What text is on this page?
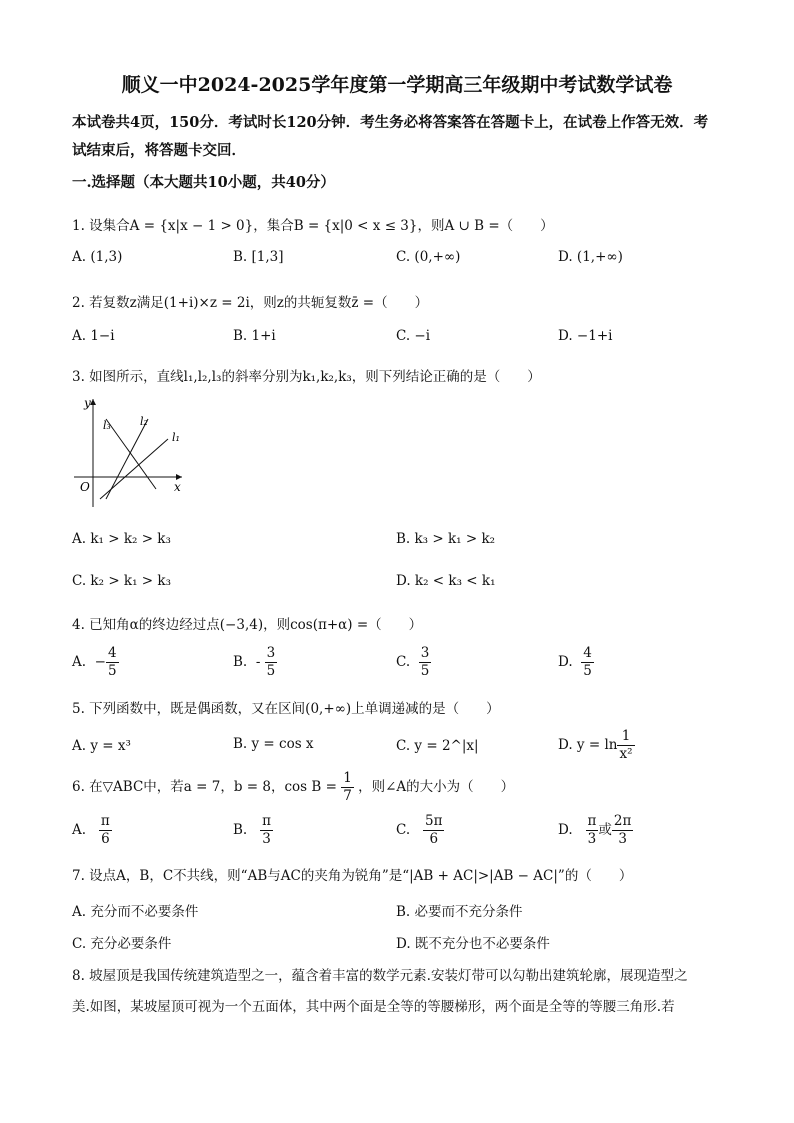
顺义一中2024-2025学年度第一学期高三年级期中考试数学试卷
本试卷共4页，150分．考试时长120分钟．考生务必将答案答在答题卡上，在试卷上作答无效．考试结束后，将答题卡交回．
一.选择题（本大题共10小题，共40分）
1. 设集合A = {x|x − 1 > 0}，集合B = {x|0 < x ≤ 3}，则A ∪ B =（　　）
A. (1,3)	B. [1,3]	C. (0,+∞)	D. (1,+∞)
2. 若复数z满足(1+i)×z = 2i，则z的共轭复数z̄ =（　　）
A. 1−i	B. 1+i	C. −i	D. −1+i
3. 如图所示，直线l₁,l₂,l₃的斜率分别为k₁,k₂,k₃，则下列结论正确的是（　　）
y
x
O
l₃	l₂
l₁
A. k₁ > k₂ > k₃	B. k₃ > k₁ > k₂
C. k₂ > k₁ > k₃	D. k₂ < k₃ < k₁
4. 已知角α的终边经过点(−3,4)，则cos(π+α) =（　　）
A. − $\frac{4}{5}$	B. - $\frac{3}{5}$	C. $\frac{3}{5}$	D. $\frac{4}{5}$
5. 下列函数中，既是偶函数，又在区间(0,+∞)上单调递减的是（　　）
A. y = x³	B. y = cos x	C. y = 2^|x|	D. $y = \ln \frac{1}{\text{x²}}$
6. 在▽ABC中，若a = 7，b = 8，$\cos B = \frac{1}{7}$ ，则∠A的大小为（　　）
A. $\frac{\pi}{6}$	B. $\frac{\pi}{3}$	C. $\frac{5\pi}{6}$	D. $\frac{\pi}{3}$ 或 $\frac{2\pi}{3}$
7. 设点A，B，C不共线，则“AB与AC的夹角为锐角”是“|AB + AC|>|AB − AC|”的（　　）
A. 充分而不必要条件	B. 必要而不充分条件
C. 充分必要条件	D. 既不充分也不必要条件
8. 坡屋顶是我国传统建筑造型之一，蕴含着丰富的数学元素.安装灯带可以勾勒出建筑轮廓，展现造型之
美.如图，某坡屋顶可视为一个五面体，其中两个面是全等的等腰梯形，两个面是全等的等腰三角形.若
